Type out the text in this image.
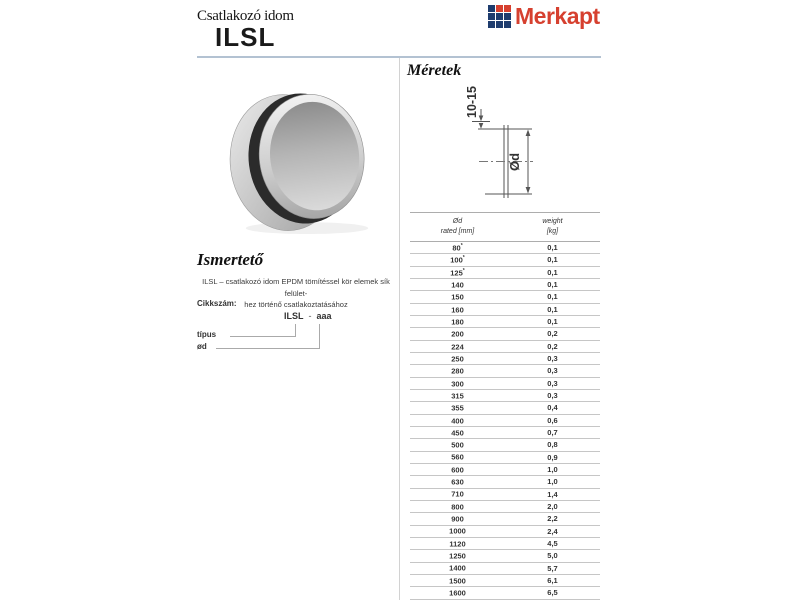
Csatlakozó idom
ILSL
Merkapt
Ismertető
ILSL – csatlakozó idom EPDM tömítéssel kör elemek sík felület-
hez történő csatlakoztatásához
Cikkszám:
ILSL - aaa
típus
ød
Méretek
10-15
Ød
Ød
rated [mm]
weight
[kg]
80*	0,1
100*	0,1
125*	0,1
140	0,1
150	0,1
160	0,1
180	0,1
200	0,2
224	0,2
250	0,3
280	0,3
300	0,3
315	0,3
355	0,4
400	0,6
450	0,7
500	0,8
560	0,9
600	1,0
630	1,0
710	1,4
800	2,0
900	2,2
1000	2,4
1120	4,5
1250	5,0
1400	5,7
1500	6,1
1600	6,5
